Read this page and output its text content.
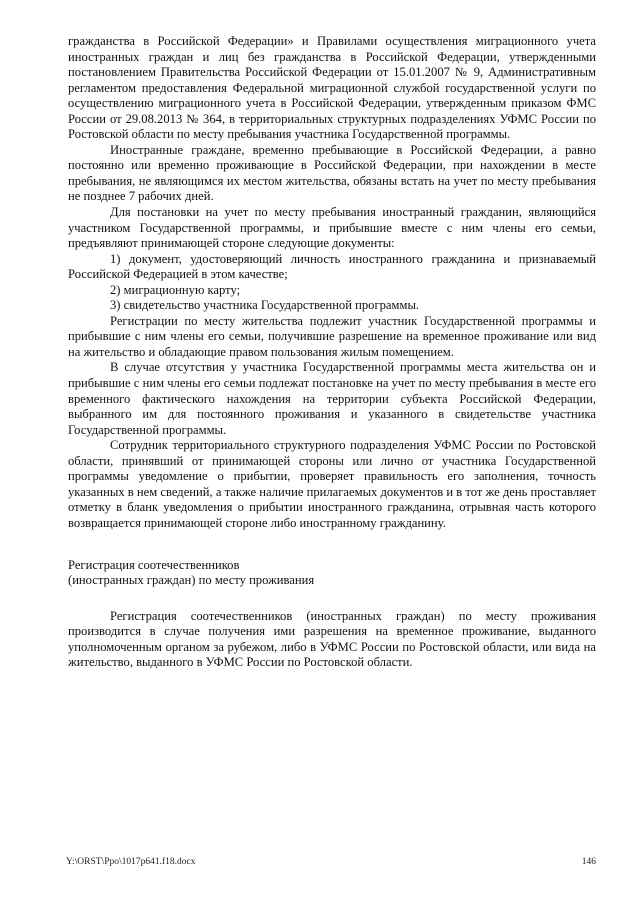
гражданства в Российской Федерации» и Правилами осуществления миграционного учета иностранных граждан и лиц без гражданства в Российской Федерации, утвержденными постановлением Правительства Российской Федерации от 15.01.2007 № 9, Административным регламентом предоставления Федеральной миграционной службой государственной услуги по осуществлению миграционного учета в Российской Федерации, утвержденным приказом ФМС России от 29.08.2013 № 364, в территориальных структурных подразделениях УФМС России по Ростовской области по месту пребывания участника Государственной программы.

Иностранные граждане, временно пребывающие в Российской Федерации, а равно постоянно или временно проживающие в Российской Федерации, при нахождении в месте пребывания, не являющимся их местом жительства, обязаны встать на учет по месту пребывания не позднее 7 рабочих дней.

Для постановки на учет по месту пребывания иностранный гражданин, являющийся участником Государственной программы, и прибывшие вместе с ним члены его семьи, предъявляют принимающей стороне следующие документы:

1) документ, удостоверяющий личность иностранного гражданина и признаваемый Российской Федерацией в этом качестве;

2) миграционную карту;

3) свидетельство участника Государственной программы.

Регистрации по месту жительства подлежит участник Государственной программы и прибывшие с ним члены его семьи, получившие разрешение на временное проживание или вид на жительство и обладающие правом пользования жилым помещением.

В случае отсутствия у участника Государственной программы места жительства он и прибывшие с ним члены его семьи подлежат постановке на учет по месту пребывания в месте его временного фактического нахождения на территории субъекта Российской Федерации, выбранного им для постоянного проживания и указанного в свидетельстве участника Государственной программы.

Сотрудник территориального структурного подразделения УФМС России по Ростовской области, принявший от принимающей стороны или лично от участника Государственной программы уведомление о прибытии, проверяет правильность его заполнения, точность указанных в нем сведений, а также наличие прилагаемых документов и в тот же день проставляет отметку в бланк уведомления о прибытии иностранного гражданина, отрывная часть которого возвращается принимающей стороне либо иностранному гражданину.

Регистрация соотечественников

(иностранных граждан) по месту проживания

Регистрация соотечественников (иностранных граждан) по месту проживания производится в случае получения ими разрешения на временное проживание, выданного уполномоченным органом за рубежом, либо в УФМС России по Ростовской области, или вида на жительство, выданного в УФМС России по Ростовской области.

Y:\ORST\Ppo\1017p641.f18.docx	146
